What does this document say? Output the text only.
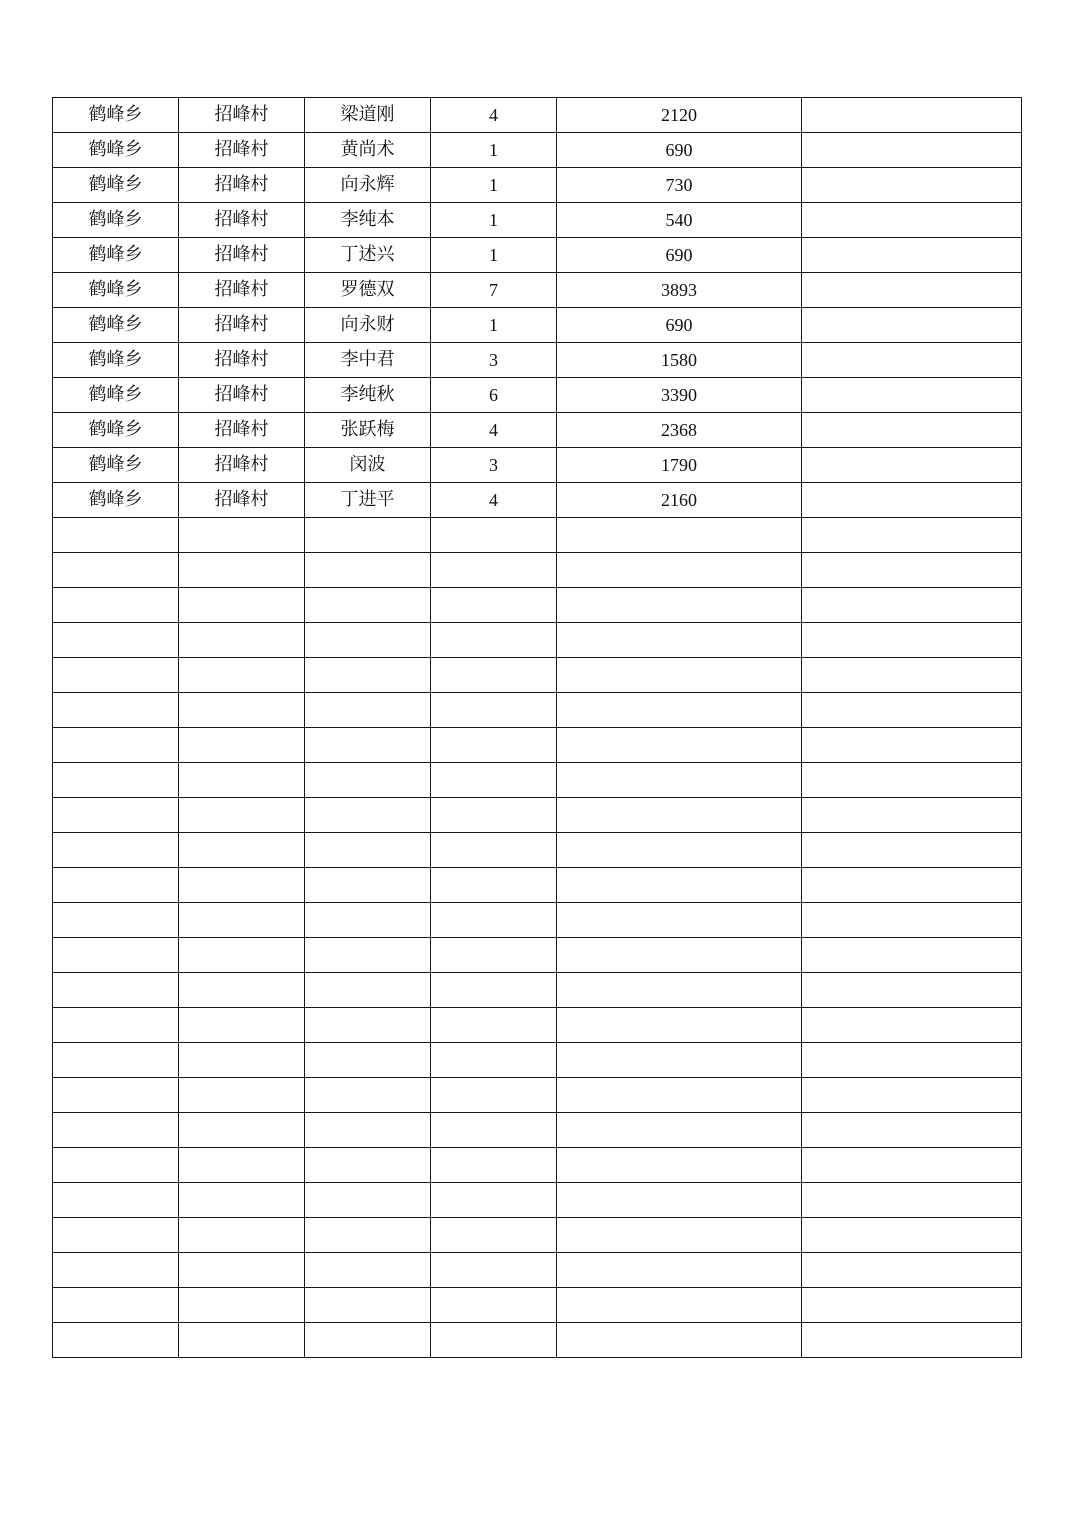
鹤峰乡	招峰村	梁道刚	4	2120	
鹤峰乡	招峰村	黄尚术	1	690	
鹤峰乡	招峰村	向永辉	1	730	
鹤峰乡	招峰村	李纯本	1	540	
鹤峰乡	招峰村	丁述兴	1	690	
鹤峰乡	招峰村	罗德双	7	3893	
鹤峰乡	招峰村	向永财	1	690	
鹤峰乡	招峰村	李中君	3	1580	
鹤峰乡	招峰村	李纯秋	6	3390	
鹤峰乡	招峰村	张跃梅	4	2368	
鹤峰乡	招峰村	闵波	3	1790	
鹤峰乡	招峰村	丁进平	4	2160	
